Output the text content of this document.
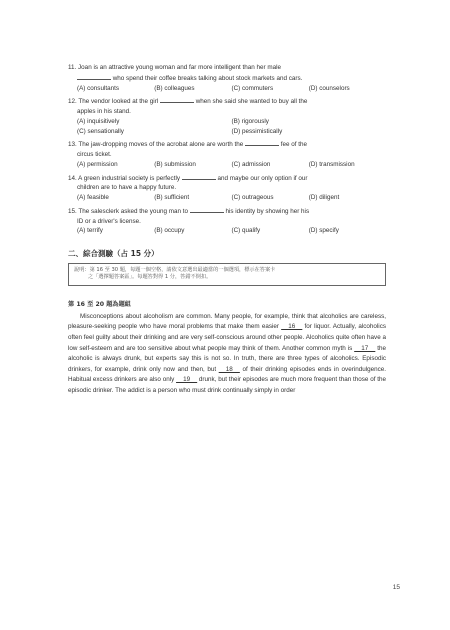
11. Joan is an attractive young woman and far more intelligent than her male
who spend their coffee breaks talking about stock markets and cars.
(A) consultants	(B) colleagues	(C) commuters	(D) counselors
12. The vendor looked at the girl	when she said she wanted to buy all the
apples in his stand.
(A) inquisitively	(B) rigorously
(C) sensationally	(D) pessimistically
13. The jaw-dropping moves of the acrobat alone are worth the	fee of the
circus ticket.
(A) permission	(B) submission	(C) admission	(D) transmission
14. A green industrial society is perfectly	and maybe our only option if our
children are to have a happy future.
(A) feasible	(B) sufficient	(C) outrageous	(D) diligent
15. The salesclerk asked the young man to	his identity by showing her his
ID or a driver's license.
(A) terrify	(B) occupy	(C) qualify	(D) specify
二、綜合測驗（占 15 分）
說明：第 16 至 30 題，每題一個空格，請依文意選出最適當的一個選項，標示在答案卡
之「選擇題答案區」。每題答對得 1 分，答錯不倒扣。
第 16 至 20 題為題組
Misconceptions about alcoholism are common. Many people, for example, think that alcoholics are careless, pleasure-seeking people who have moral problems that make them easier __16__ for liquor. Actually, alcoholics often feel guilty about their drinking and are very self-conscious around other people. Alcoholics quite often have a low self-esteem and are too sensitive about what people may think of them. Another common myth is __17__ the alcoholic is always drunk, but experts say this is not so. In truth, there are three types of alcoholics. Episodic drinkers, for example, drink only now and then, but __18__ of their drinking episodes ends in overindulgence. Habitual excess drinkers are also only __19__ drunk, but their episodes are much more frequent than those of the episodic drinker. The addict is a person who must drink continually simply in order
15
